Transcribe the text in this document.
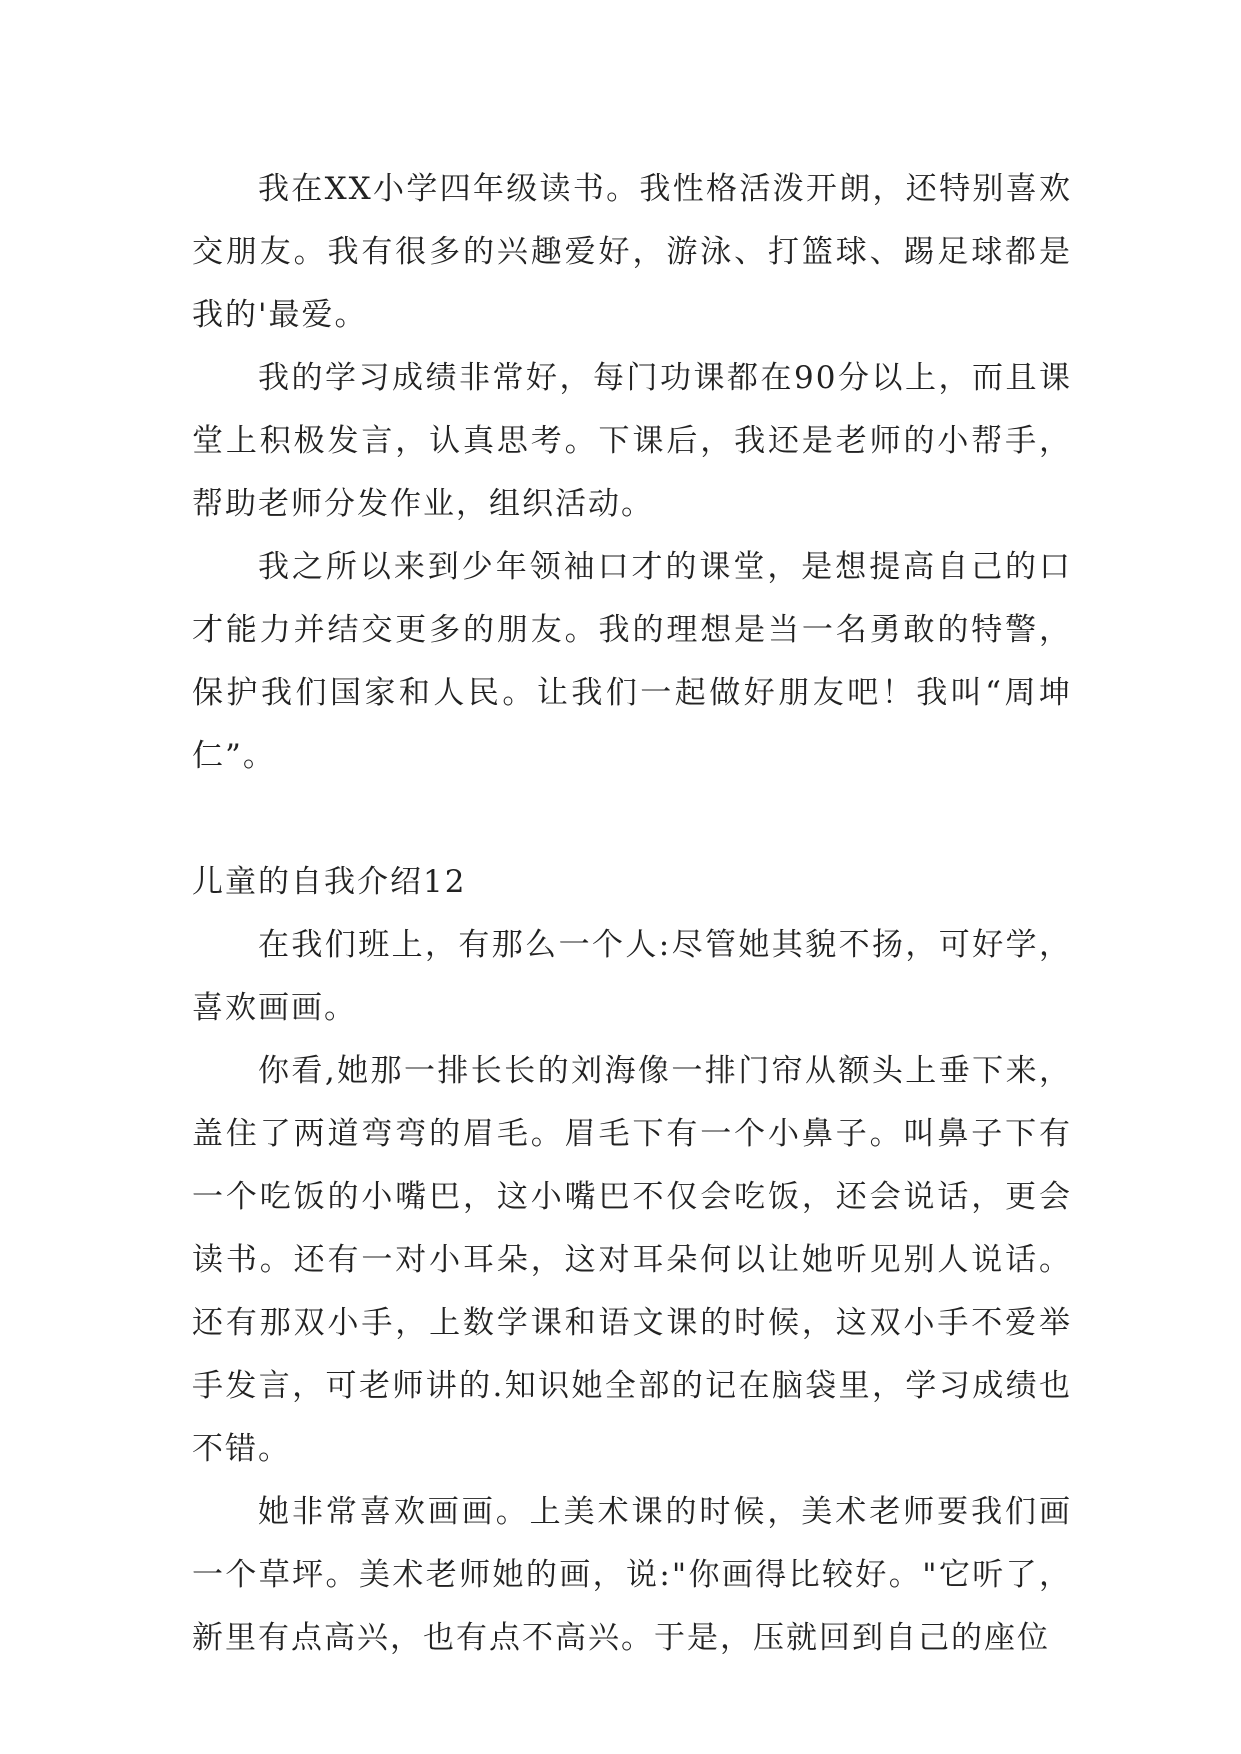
我在XX小学四年级读书。我性格活泼开朗，还特别喜欢交朋友。我有很多的兴趣爱好，游泳、打篮球、踢足球都是我的'最爱。

我的学习成绩非常好，每门功课都在90分以上，而且课堂上积极发言，认真思考。下课后，我还是老师的小帮手，帮助老师分发作业，组织活动。

我之所以来到少年领袖口才的课堂，是想提高自己的口才能力并结交更多的朋友。我的理想是当一名勇敢的特警，保护我们国家和人民。让我们一起做好朋友吧！我叫“周坤仁”。

儿童的自我介绍12

在我们班上，有那么一个人:尽管她其貌不扬，可好学，喜欢画画。

你看,她那一排长长的刘海像一排门帘从额头上垂下来，盖住了两道弯弯的眉毛。眉毛下有一个小鼻子。叫鼻子下有一个吃饭的小嘴巴，这小嘴巴不仅会吃饭，还会说话，更会读书。还有一对小耳朵，这对耳朵何以让她听见别人说话。还有那双小手，上数学课和语文课的时候，这双小手不爱举手发言，可老师讲的.知识她全部的记在脑袋里，学习成绩也不错。

她非常喜欢画画。上美术课的时候，美术老师要我们画一个草坪。美术老师她的画，说:"你画得比较好。"它听了，新里有点高兴，也有点不高兴。于是，压就回到自己的座位
